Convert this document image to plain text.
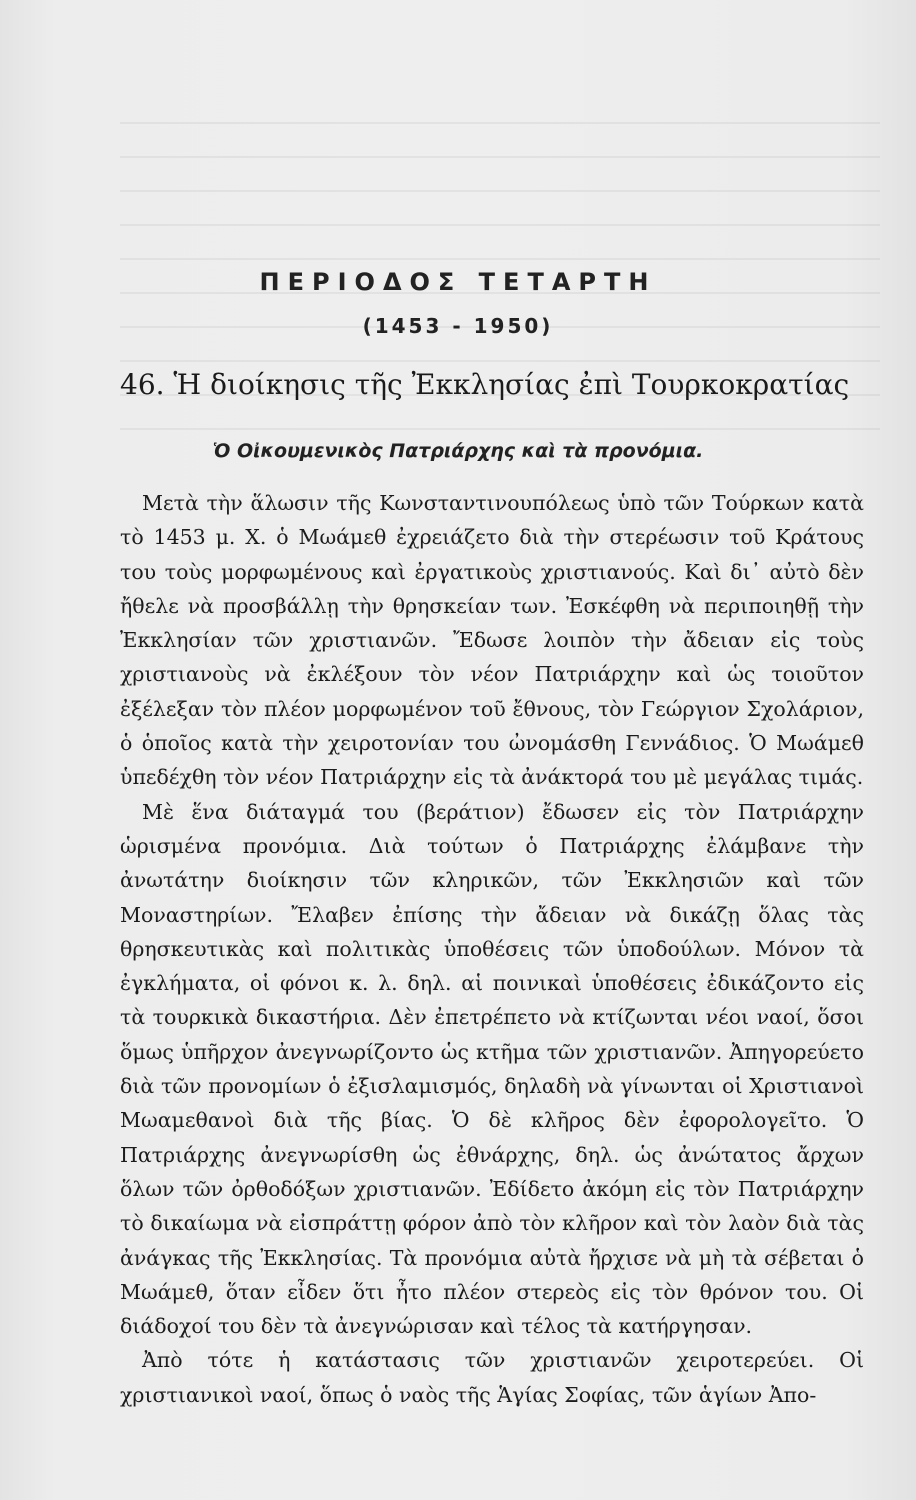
ΠΕΡΙΟΔΟΣ ΤΕΤΑΡΤΗ
(1453 - 1950)
46. Ἡ διοίκησις τῆς Ἐκκλησίας ἐπὶ Τουρκοκρατίας
Ὁ Οἰκουμενικὸς Πατριάρχης καὶ τὰ προνόμια.

Μετὰ τὴν ἅλωσιν τῆς Κωνσταντινουπόλεως ὑπὸ τῶν Τούρκων κατὰ τὸ 1453 μ. Χ. ὁ Μωάμεθ ἐχρειάζετο διὰ τὴν στερέωσιν τοῦ Κράτους του τοὺς μορφωμένους καὶ ἐργατικοὺς χριστιανούς. Καὶ δι᾿ αὐτὸ δὲν ἤθελε νὰ προσβάλλῃ τὴν θρησκείαν των. Ἐσκέφθη νὰ περιποιηθῇ τὴν Ἐκκλησίαν τῶν χριστιανῶν. Ἔδωσε λοιπὸν τὴν ἄδειαν εἰς τοὺς χριστιανοὺς νὰ ἐκλέξουν τὸν νέον Πατριάρχην καὶ ὡς τοιοῦτον ἐξέλεξαν τὸν πλέον μορφωμένον τοῦ ἔθνους, τὸν Γεώργιον Σχολάριον, ὁ ὁποῖος κατὰ τὴν χειροτονίαν του ὠνομάσθη Γεννάδιος. Ὁ Μωάμεθ ὑπεδέχθη τὸν νέον Πατριάρχην εἰς τὰ ἀνάκτορά του μὲ μεγάλας τιμάς.

Μὲ ἕνα διάταγμά του (βεράτιον) ἔδωσεν εἰς τὸν Πατριάρχην ὡρισμένα προνόμια. Διὰ τούτων ὁ Πατριάρχης ἐλάμβανε τὴν ἀνωτάτην διοίκησιν τῶν κληρικῶν, τῶν Ἐκκλησιῶν καὶ τῶν Μοναστηρίων. Ἔλαβεν ἐπίσης τὴν ἄδειαν νὰ δικάζῃ ὅλας τὰς θρησκευτικὰς καὶ πολιτικὰς ὑποθέσεις τῶν ὑποδούλων. Μόνον τὰ ἐγκλήματα, οἱ φόνοι κ. λ. δηλ. αἱ ποινικαὶ ὑποθέσεις ἐδικάζοντο εἰς τὰ τουρκικὰ δικαστήρια. Δὲν ἐπετρέπετο νὰ κτίζωνται νέοι ναοί, ὅσοι ὅμως ὑπῆρχον ἀνεγνωρίζοντο ὡς κτῆμα τῶν χριστιανῶν. Ἀπηγορεύετο διὰ τῶν προνομίων ὁ ἐξισλαμισμός, δηλαδὴ νὰ γίνωνται οἱ Χριστιανοὶ Μωαμεθανοὶ διὰ τῆς βίας. Ὁ δὲ κλῆρος δὲν ἐφορολογεῖτο. Ὁ Πατριάρχης ἀνεγνωρίσθη ὡς ἐθνάρχης, δηλ. ὡς ἀνώτατος ἄρχων ὅλων τῶν ὀρθοδόξων χριστιανῶν. Ἐδίδετο ἀκόμη εἰς τὸν Πατριάρχην τὸ δικαίωμα νὰ εἰσπράττῃ φόρον ἀπὸ τὸν κλῆρον καὶ τὸν λαὸν διὰ τὰς ἀνάγκας τῆς Ἐκκλησίας. Τὰ προνόμια αὐτὰ ἤρχισε νὰ μὴ τὰ σέβεται ὁ Μωάμεθ, ὅταν εἶδεν ὅτι ἦτο πλέον στερεὸς εἰς τὸν θρόνον του. Οἱ διάδοχοί του δὲν τὰ ἀνεγνώρισαν καὶ τέλος τὰ κατήργησαν.

Ἀπὸ τότε ἡ κατάστασις τῶν χριστιανῶν χειροτερεύει. Οἱ χριστιανικοὶ ναοί, ὅπως ὁ ναὸς τῆς Ἁγίας Σοφίας, τῶν ἁγίων Ἀπο-
